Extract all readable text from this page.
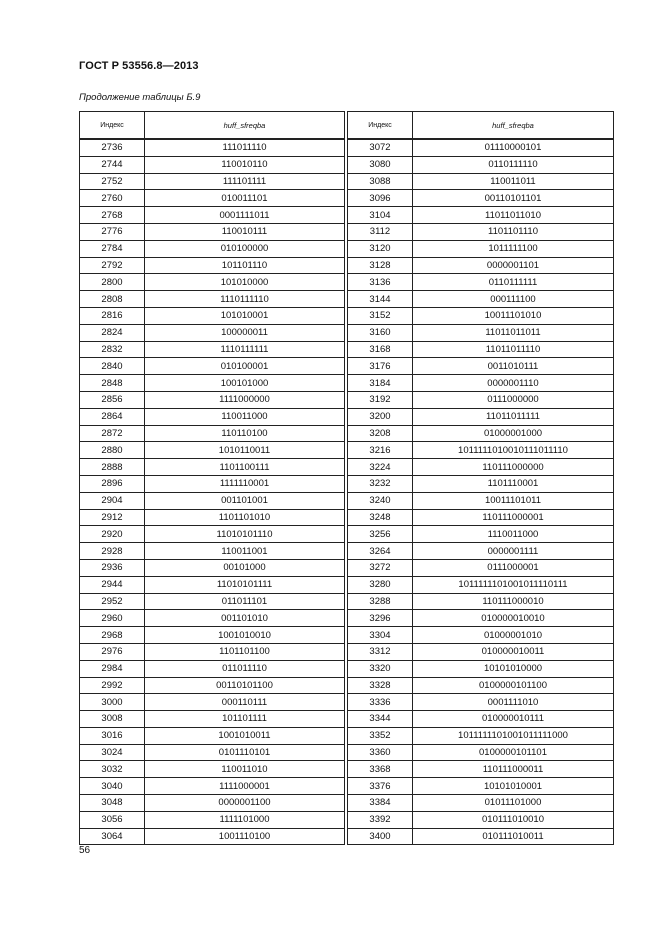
ГОСТ Р 53556.8—2013
Продолжение таблицы Б.9
Индекс	huff_sfreqba
2736	111011110
2744	110010110
2752	111101111
2760	010011101
2768	0001111011
2776	110010111
2784	010100000
2792	101101110
2800	101010000
2808	1110111110
2816	101010001
2824	100000011
2832	1110111111
2840	010100001
2848	100101000
2856	1111000000
2864	110011000
2872	110110100
2880	1010110011
2888	1101100111
2896	1111110001
2904	001101001
2912	1101101010
2920	11010101110
2928	110011001
2936	00101000
2944	11010101111
2952	011011101
2960	001101010
2968	1001010010
2976	1101101100
2984	011011110
2992	00110101100
3000	000110111
3008	101101111
3016	1001010011
3024	0101110101
3032	110011010
3040	1111000001
3048	0000001100
3056	1111101000
3064	1001110100
Индекс	huff_sfreqba
3072	01110000101
3080	0110111110
3088	110011011
3096	00110101101
3104	11011011010
3112	1101101110
3120	1011111100
3128	0000001101
3136	0110111111
3144	000111100
3152	10011101010
3160	11011011011
3168	11011011110
3176	0011010111
3184	0000001110
3192	0111000000
3200	11011011111
3208	01000001000
3216	1011111010010111011110
3224	110111000000
3232	1101110001
3240	10011101011
3248	110111000001
3256	1110011000
3264	0000001111
3272	0111000001
3280	1011111101001011110111
3288	110111000010
3296	010000010010
3304	01000001010
3312	010000010011
3320	10101010000
3328	0100000101100
3336	0001111010
3344	010000010111
3352	1011111101001011111000
3360	0100000101101
3368	110111000011
3376	10101010001
3384	01011101000
3392	010111010010
3400	010111010011
56
